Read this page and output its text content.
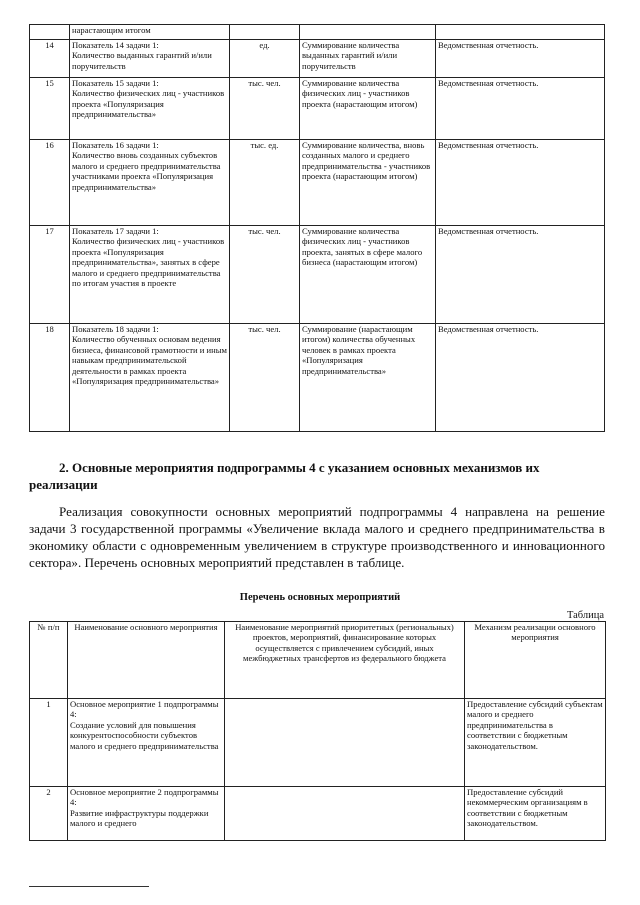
	нарастающим итогом			
14	Показатель 14 задачи 1:
Количество выданных гарантий и/или поручительств	ед.	Суммирование количества выданных гарантий и/или поручительств	Ведомственная отчетность.
15	Показатель 15 задачи 1:
Количество физических лиц - участников проекта «Популяризация предпринимательства»	тыс. чел.	Суммирование количества физических лиц - участников проекта (нарастающим итогом)	Ведомственная отчетность.
16	Показатель 16 задачи 1:
Количество вновь созданных субъектов малого и среднего предпринимательства участниками проекта «Популяризация предпринимательства»	тыс. ед.	Суммирование количества, вновь созданных малого и среднего предпринимательства - участников проекта (нарастающим итогом)	Ведомственная отчетность.
17	Показатель 17 задачи 1:
Количество физических лиц - участников проекта «Популяризация предпринимательства», занятых в сфере малого и среднего предпринимательства по итогам участия в проекте	тыс. чел.	Суммирование количества физических лиц - участников проекта, занятых в сфере малого бизнеса (нарастающим итогом)	Ведомственная отчетность.
18	Показатель 18 задачи 1:
Количество обученных основам ведения бизнеса, финансовой грамотности и иным навыкам предпринимательской деятельности в рамках проекта «Популяризация предпринимательства»	тыс. чел.	Суммирование (нарастающим итогом) количества обученных человек в рамках проекта «Популяризация предпринимательства»	Ведомственная отчетность.
2. Основные мероприятия подпрограммы 4 с указанием основных механизмов их реализации
Реализация совокупности основных мероприятий подпрограммы 4 направлена на решение задачи 3 государственной программы «Увеличение вклада малого и среднего предпринимательства в экономику области с одновременным увеличением в структуре производственного и инновационного сектора». Перечень основных мероприятий представлен в таблице.
Перечень основных мероприятий
Таблица
№ п/п	Наименование основного мероприятия	Наименование мероприятий приоритетных (региональных) проектов, мероприятий, финансирование которых осуществляется с привлечением субсидий, иных межбюджетных трансфертов из федерального бюджета	Механизм реализации основного мероприятия
1	Основное мероприятие 1 подпрограммы 4:
Создание условий для повышения конкурентоспособности субъектов малого и среднего предпринимательства		Предоставление субсидий субъектам малого и среднего предпринимательства в соответствии с бюджетным законодательством.
2	Основное мероприятие 2 подпрограммы 4:
Развитие инфраструктуры поддержки малого и среднего		Предоставление субсидий некоммерческим организациям в соответствии с бюджетным законодательством.
